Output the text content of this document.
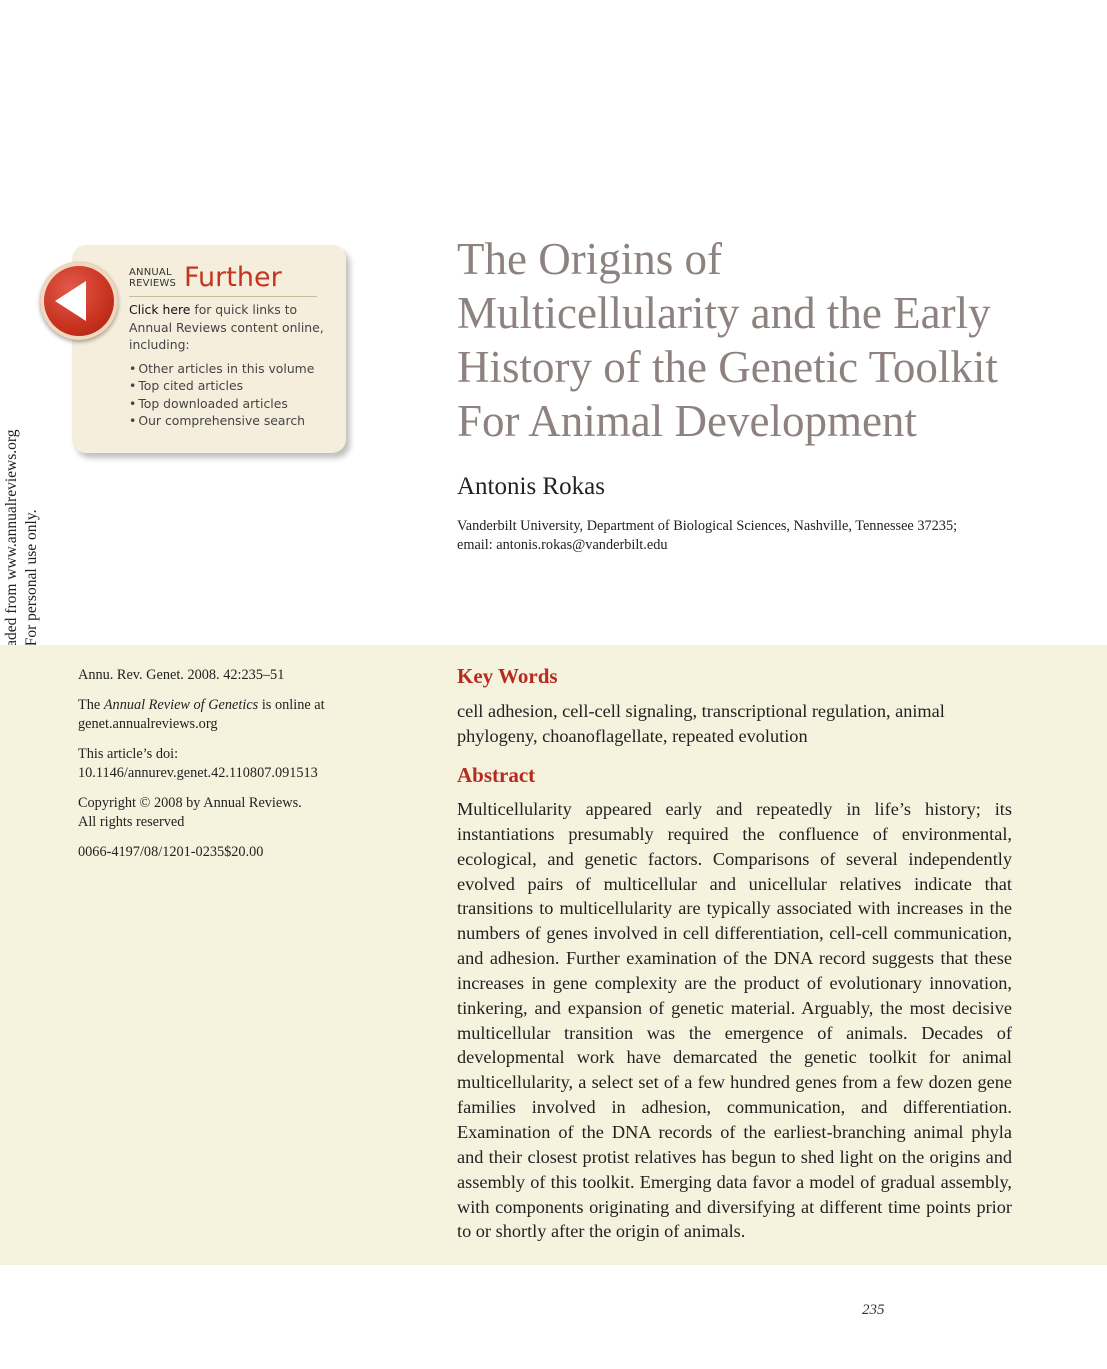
ANNUAL
REVIEWS Further
Click here for quick links to Annual Reviews content online, including:
• Other articles in this volume
• Top cited articles
• Top downloaded articles
• Our comprehensive search
The Origins of
Multicellularity and the Early
History of the Genetic Toolkit
For Animal Development
Antonis Rokas
Vanderbilt University, Department of Biological Sciences, Nashville, Tennessee 37235;
email: antonis.rokas@vanderbilt.edu

Annu. Rev. Genet. 2008. 42:235–51

The Annual Review of Genetics is online at
genet.annualreviews.org

This article’s doi:
10.1146/annurev.genet.42.110807.091513

Copyright © 2008 by Annual Reviews.
All rights reserved

0066-4197/08/1201-0235$20.00

Key Words
cell adhesion, cell-cell signaling, transcriptional regulation, animal phylogeny, choanoflagellate, repeated evolution
Abstract
Multicellularity appeared early and repeatedly in life’s history; its instantiations presumably required the confluence of environmental, ecological, and genetic factors. Comparisons of several independently evolved pairs of multicellular and unicellular relatives indicate that transitions to multicellularity are typically associated with increases in the numbers of genes involved in cell differentiation, cell-cell communication, and adhesion. Further examination of the DNA record suggests that these increases in gene complexity are the product of evolutionary innovation, tinkering, and expansion of genetic material. Arguably, the most decisive multicellular transition was the emergence of animals. Decades of developmental work have demarcated the genetic toolkit for animal multicellularity, a select set of a few hundred genes from a few dozen gene families involved in adhesion, communication, and differentiation. Examination of the DNA records of the earliest-branching animal phyla and their closest protist relatives has begun to shed light on the origins and assembly of this toolkit. Emerging data favor a model of gradual assembly, with components originating and diversifying at different time points prior to or shortly after the origin of animals.
235
